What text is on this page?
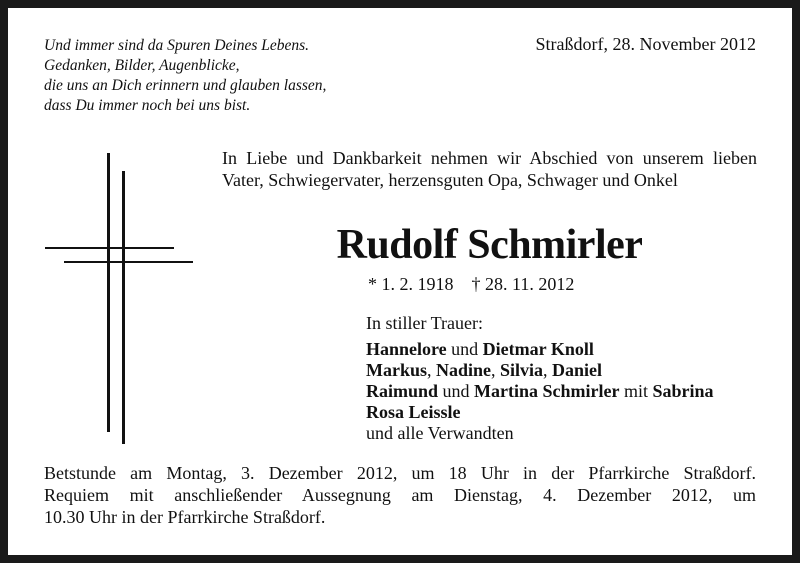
Und immer sind da Spuren Deines Lebens.
Gedanken, Bilder, Augenblicke,
die uns an Dich erinnern und glauben lassen,
dass Du immer noch bei uns bist.
Straßdorf, 28. November 2012
In Liebe und Dankbarkeit nehmen wir Abschied von unserem lieben Vater, Schwiegervater, herzensguten Opa, Schwager und Onkel
Rudolf Schmirler
* 1. 2. 1918 † 28. 11. 2012
In stiller Trauer:
Hannelore und Dietmar Knoll
Markus, Nadine, Silvia, Daniel
Raimund und Martina Schmirler mit Sabrina
Rosa Leissle
und alle Verwandten
Betstunde am Montag, 3. Dezember 2012, um 18 Uhr in der Pfarrkirche Straßdorf.
Requiem mit anschließender Aussegnung am Dienstag, 4. Dezember 2012, um
10.30 Uhr in der Pfarrkirche Straßdorf.
